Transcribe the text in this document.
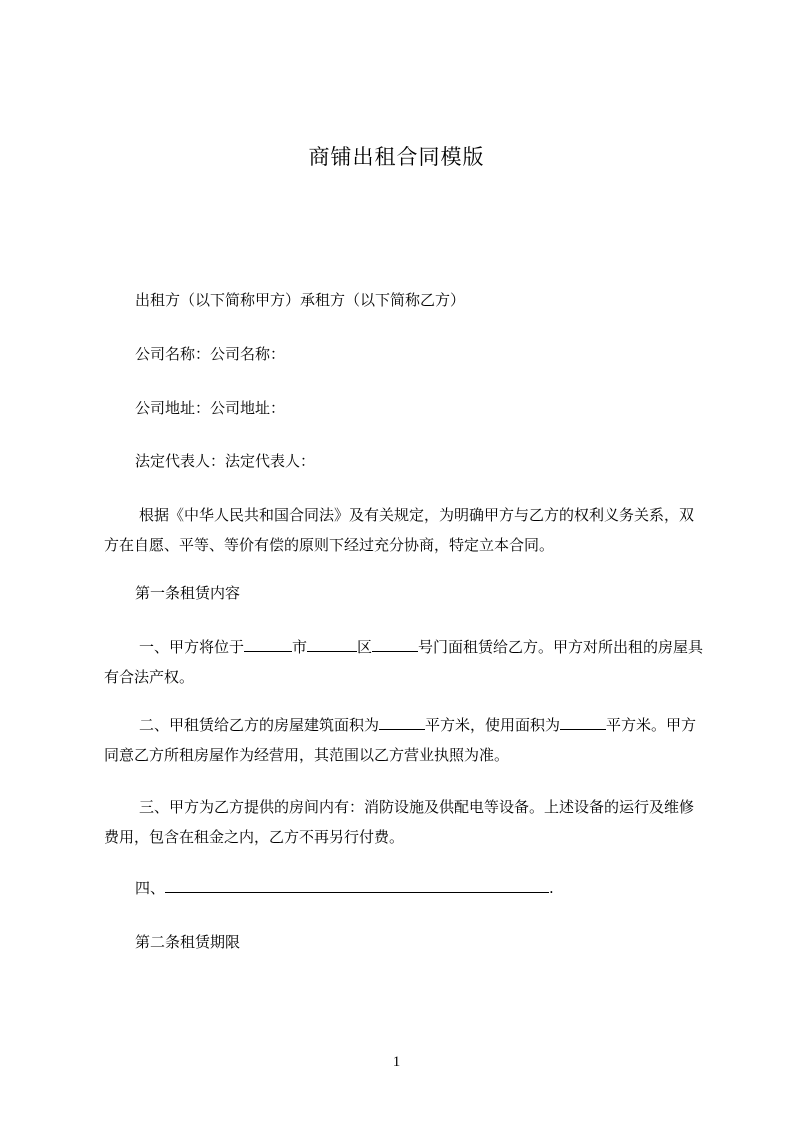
商铺出租合同模版
出租方（以下简称甲方）承租方（以下简称乙方）
公司名称：公司名称：
公司地址：公司地址：
法定代表人：法定代表人：
根据《中华人民共和国合同法》及有关规定，为明确甲方与乙方的权利义务关系，双方在自愿、平等、等价有偿的原则下经过充分协商，特定立本合同。
第一条租赁内容
一、甲方将位于	市	区	号门面租赁给乙方。甲方对所出租的房屋具有合法产权。
二、甲租赁给乙方的房屋建筑面积为	平方米，使用面积为	平方米。甲方同意乙方所租房屋作为经营用，其范围以乙方营业执照为准。
三、甲方为乙方提供的房间内有：消防设施及供配电等设备。上述设备的运行及维修费用，包含在租金之内，乙方不再另行付费。
四、	.
第二条租赁期限
1
